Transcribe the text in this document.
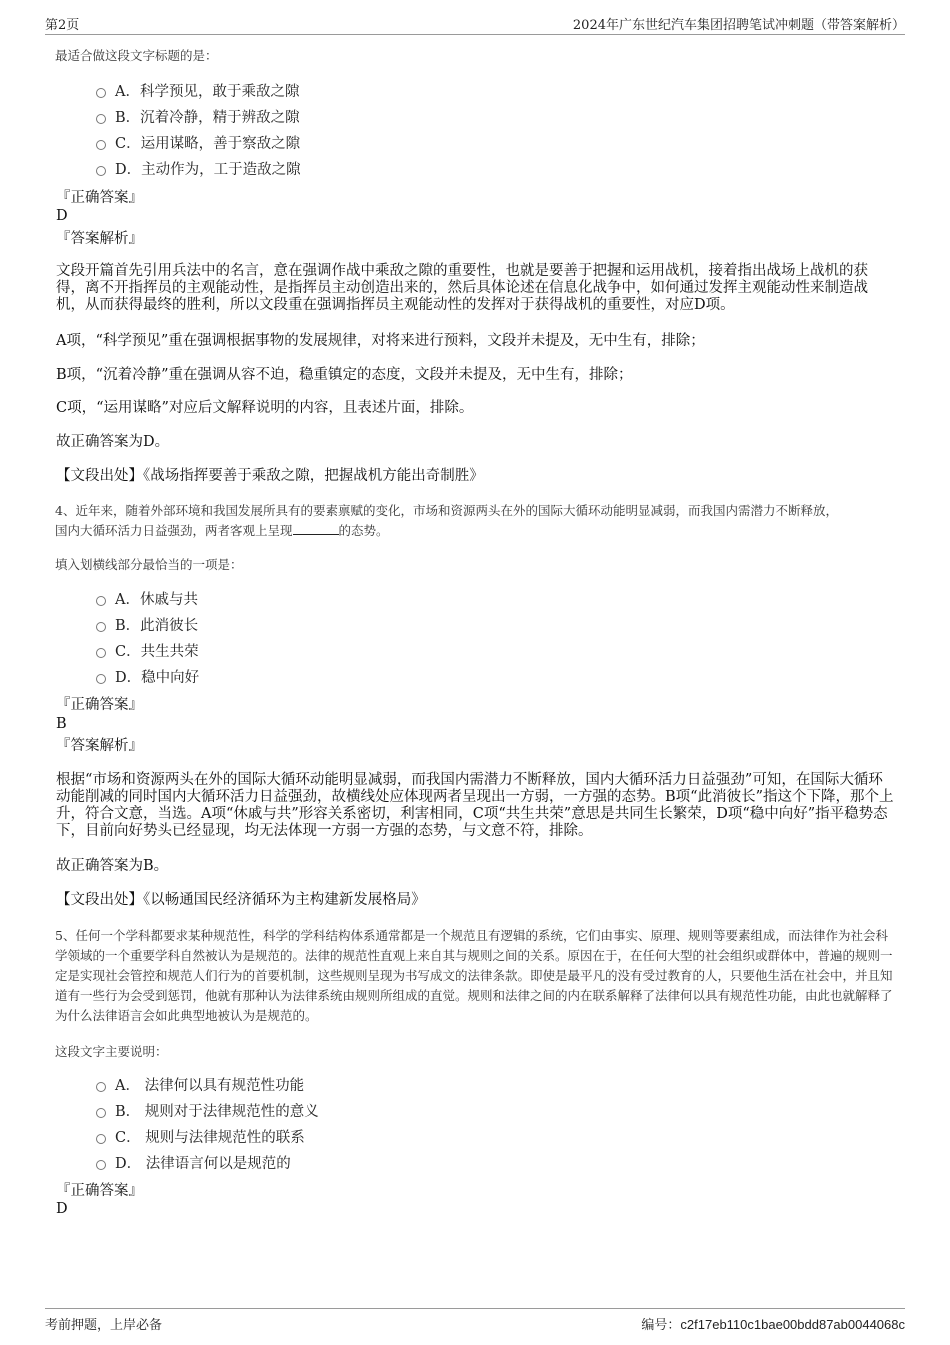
第2页	2024年广东世纪汽车集团招聘笔试冲刺题（带答案解析）
最适合做这段文字标题的是：
A．科学预见，敢于乘敌之隙
B．沉着冷静，精于辨敌之隙
C．运用谋略，善于察敌之隙
D．主动作为，工于造敌之隙
『正确答案』
D
『答案解析』
文段开篇首先引用兵法中的名言，意在强调作战中乘敌之隙的重要性，也就是要善于把握和运用战机，接着指出战场上战机的获得，离不开指挥员的主观能动性，是指挥员主动创造出来的，然后具体论述在信息化战争中，如何通过发挥主观能动性来制造战机，从而获得最终的胜利，所以文段重在强调指挥员主观能动性的发挥对于获得战机的重要性，对应D项。
A项，“科学预见”重在强调根据事物的发展规律，对将来进行预料，文段并未提及，无中生有，排除；
B项，“沉着冷静”重在强调从容不迫，稳重镇定的态度，文段并未提及，无中生有，排除；
C项，“运用谋略”对应后文解释说明的内容，且表述片面，排除。
故正确答案为D。
【文段出处】《战场指挥要善于乘敌之隙，把握战机方能出奇制胜》
4、近年来，随着外部环境和我国发展所具有的要素禀赋的变化，市场和资源两头在外的国际大循环动能明显减弱，而我国内需潜力不断释放，
国内大循环活力日益强劲，两者客观上呈现	的态势。
填入划横线部分最恰当的一项是：
A．休戚与共
B．此消彼长
C．共生共荣
D．稳中向好
『正确答案』
B
『答案解析』
根据“市场和资源两头在外的国际大循环动能明显减弱，而我国内需潜力不断释放，国内大循环活力日益强劲”可知，在国际大循环动能削减的同时国内大循环活力日益强劲，故横线处应体现两者呈现出一方弱，一方强的态势。B项“此消彼长”指这个下降，那个上升，符合文意，当选。A项“休戚与共”形容关系密切，利害相同，C项“共生共荣”意思是共同生长繁荣，D项“稳中向好”指平稳势态下，目前向好势头已经显现，均无法体现一方弱一方强的态势，与文意不符，排除。
故正确答案为B。
【文段出处】《以畅通国民经济循环为主构建新发展格局》
5、任何一个学科都要求某种规范性，科学的学科结构体系通常都是一个规范且有逻辑的系统，它们由事实、原理、规则等要素组成，而法律作为社会科学领域的一个重要学科自然被认为是规范的。法律的规范性直观上来自其与规则之间的关系。原因在于，在任何大型的社会组织或群体中，普遍的规则一定是实现社会管控和规范人们行为的首要机制，这些规则呈现为书写成文的法律条款。即使是最平凡的没有受过教育的人，只要他生活在社会中，并且知道有一些行为会受到惩罚，他就有那种认为法律系统由规则所组成的直觉。规则和法律之间的内在联系解释了法律何以具有规范性功能，由此也就解释了为什么法律语言会如此典型地被认为是规范的。
这段文字主要说明：
A． 法律何以具有规范性功能
B． 规则对于法律规范性的意义
C． 规则与法律规范性的联系
D． 法律语言何以是规范的
『正确答案』
D
考前押题，上岸必备	编号：c2f17eb110c1bae00bdd87ab0044068c
